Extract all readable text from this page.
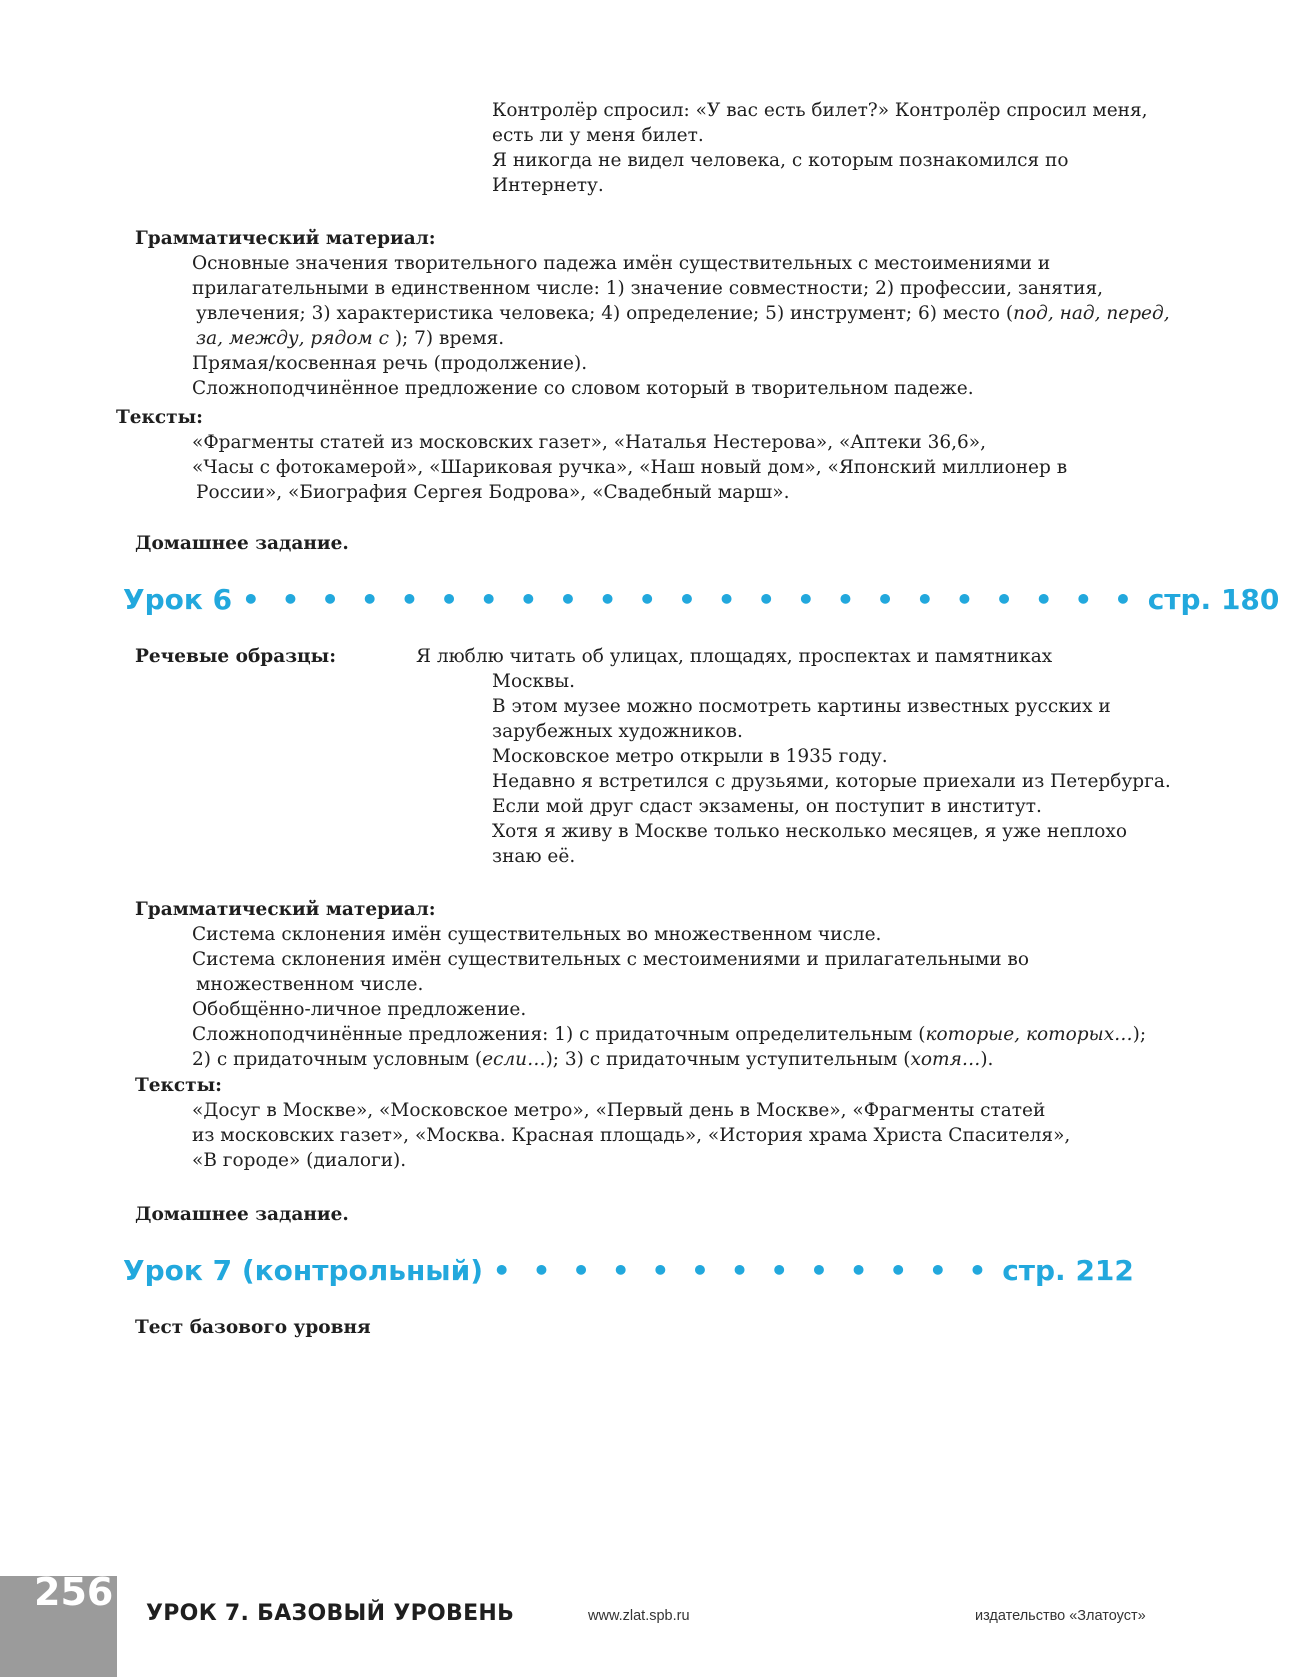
Контролёр спросил: «У вас есть билет?» Контролёр спросил меня,
есть ли у меня билет.
Я никогда не видел человека, с которым познакомился по
Интернету.
Грамматический материал:
Основные значения творительного падежа имён существительных с местоимениями и
прилагательными в единственном числе: 1) значение совместности; 2) профессии, занятия,
увлечения; 3) характеристика человека; 4) определение; 5) инструмент; 6) место (под, над, перед,
за, между, рядом с ); 7) время.
Прямая/косвенная речь (продолжение).
Сложноподчинённое предложение со словом который в творительном падеже.
Тексты:
«Фрагменты статей из московских газет», «Наталья Нестерова», «Аптеки 36,6»,
«Часы с фотокамерой», «Шариковая ручка», «Наш новый дом», «Японский миллионер в
России», «Биография Сергея Бодрова», «Свадебный марш».
Домашнее задание.
Урок 6 • • • • • • • • • • • • • • • • • • • • • • • стр. 180
Речевые образцы:	Я люблю читать об улицах, площадях, проспектах и памятниках
Москвы.
В этом музее можно посмотреть картины известных русских и
зарубежных художников.
Московское метро открыли в 1935 году.
Недавно я встретился с друзьями, которые приехали из Петербурга.
Если мой друг сдаст экзамены, он поступит в институт.
Хотя я живу в Москве только несколько месяцев, я уже неплохо
знаю её.
Грамматический материал:
Система склонения имён существительных во множественном числе.
Система склонения имён существительных с местоимениями и прилагательными во
множественном числе.
Обобщённо-личное предложение.
Сложноподчинённые предложения: 1) с придаточным определительным (которые, которых…);
2) с придаточным условным (если…); 3) с придаточным уступительным (хотя…).
Тексты:
«Досуг в Москве», «Московское метро», «Первый день в Москве», «Фрагменты статей
из московских газет», «Москва. Красная площадь», «История храма Христа Спасителя»,
«В городе» (диалоги).
Домашнее задание.
Урок 7 (контрольный) • • • • • • • • • • • • • стр. 212
Тест базового уровня
256 УРОК 7. БАЗОВЫЙ УРОВЕНЬ	www.zlat.spb.ru	издательство «Златоуст»
